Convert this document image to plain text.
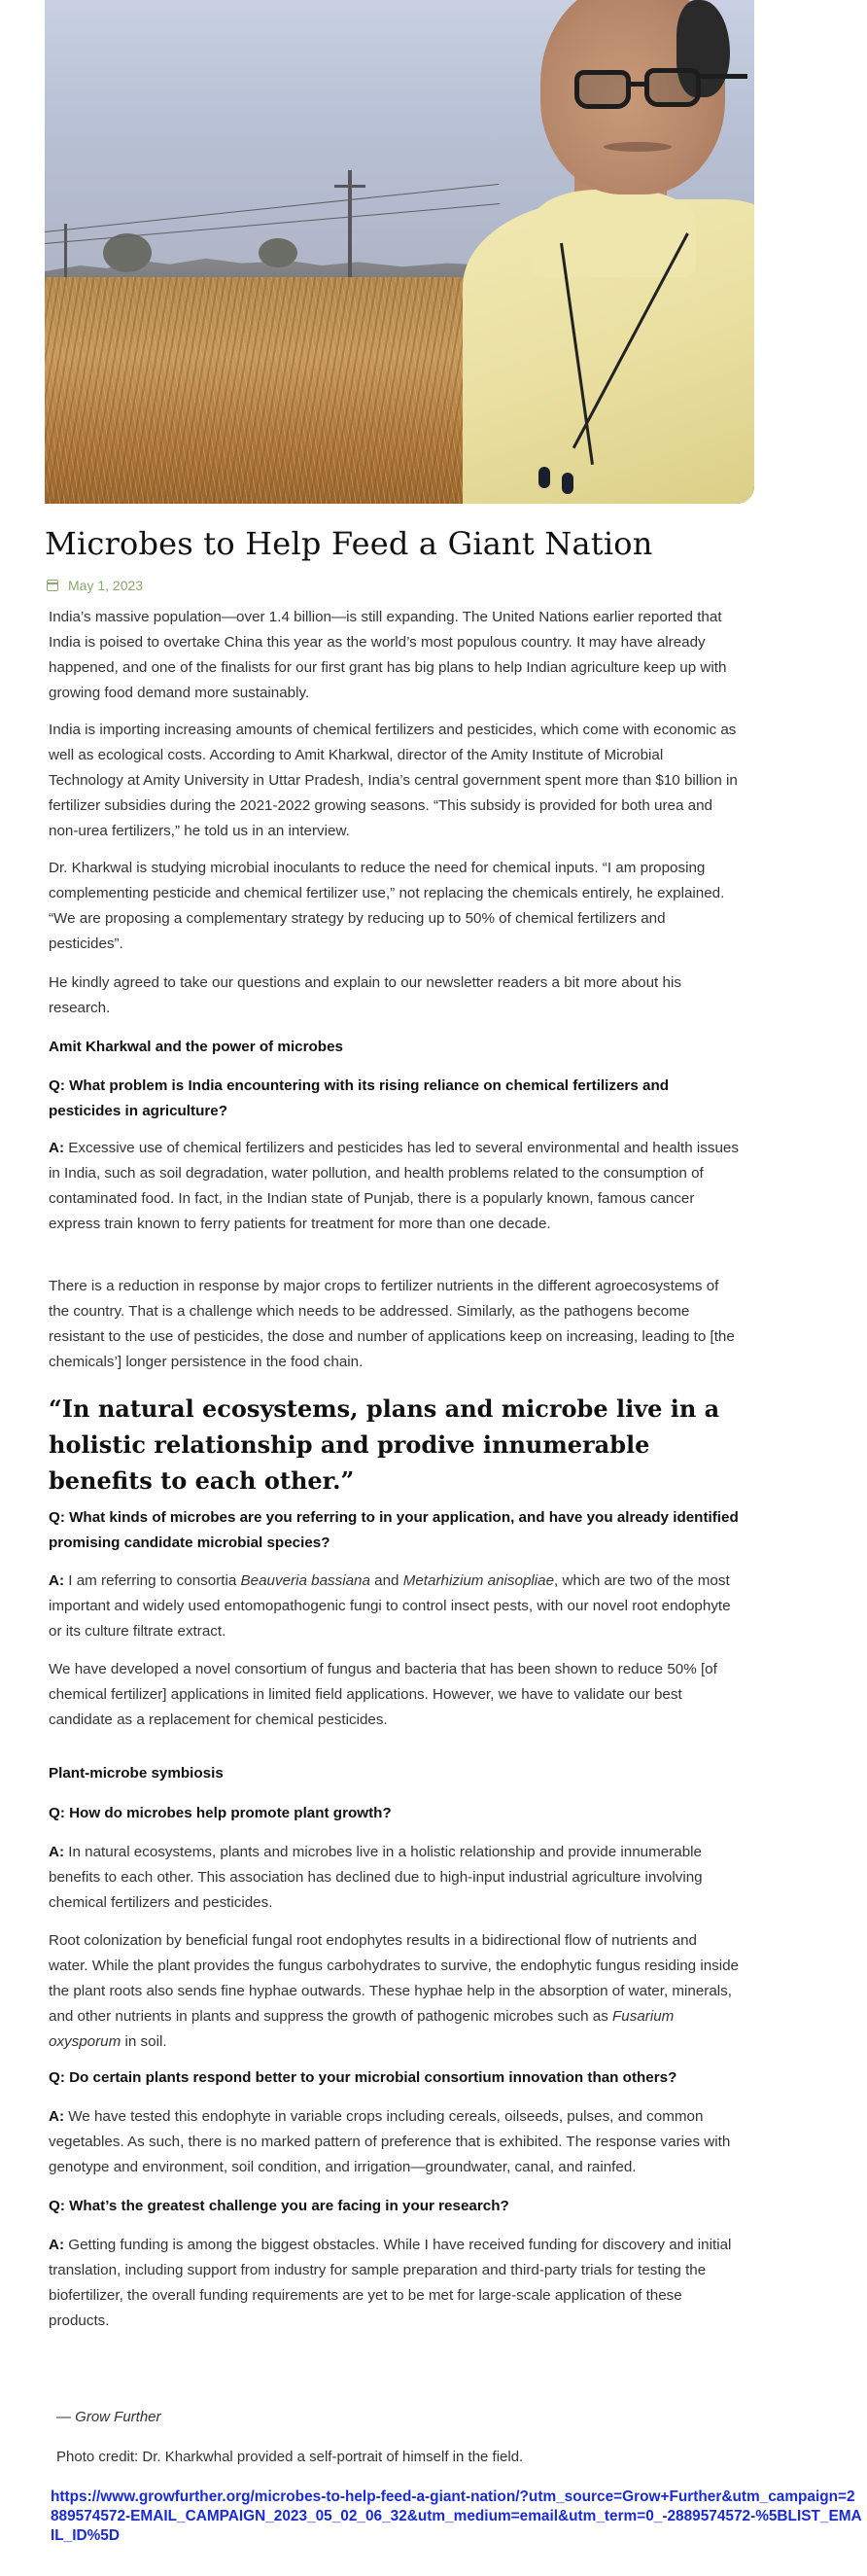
Microbes to Help Feed a Giant Nation
May 1, 2023

India’s massive population—over 1.4 billion—is still expanding. The United Nations earlier reported that India is poised to overtake China this year as the world’s most populous country. It may have already happened, and one of the finalists for our first grant has big plans to help Indian agriculture keep up with growing food demand more sustainably.

India is importing increasing amounts of chemical fertilizers and pesticides, which come with economic as well as ecological costs. According to Amit Kharkwal, director of the Amity Institute of Microbial Technology at Amity University in Uttar Pradesh, India’s central government spent more than $10 billion in fertilizer subsidies during the 2021-2022 growing seasons. “This subsidy is provided for both urea and non-urea fertilizers,” he told us in an interview.

Dr. Kharkwal is studying microbial inoculants to reduce the need for chemical inputs. “I am proposing complementing pesticide and chemical fertilizer use,” not replacing the chemicals entirely, he explained. “We are proposing a complementary strategy by reducing up to 50% of chemical fertilizers and pesticides”.

He kindly agreed to take our questions and explain to our newsletter readers a bit more about his research.

Amit Kharkwal and the power of microbes

Q: What problem is India encountering with its rising reliance on chemical fertilizers and pesticides in agriculture?

A: Excessive use of chemical fertilizers and pesticides has led to several environmental and health issues in India, such as soil degradation, water pollution, and health problems related to the consumption of contaminated food. In fact, in the Indian state of Punjab, there is a popularly known, famous cancer express train known to ferry patients for treatment for more than one decade.

There is a reduction in response by major crops to fertilizer nutrients in the different agroecosystems of the country. That is a challenge which needs to be addressed. Similarly, as the pathogens become resistant to the use of pesticides, the dose and number of applications keep on increasing, leading to [the chemicals’] longer persistence in the food chain.

“In natural ecosystems, plans and microbe live in a holistic relationship and prodive innumerable benefits to each other.”

Q: What kinds of microbes are you referring to in your application, and have you already identified promising candidate microbial species?

A: I am referring to consortia Beauveria bassiana and Metarhizium anisopliae, which are two of the most important and widely used entomopathogenic fungi to control insect pests, with our novel root endophyte or its culture filtrate extract.

We have developed a novel consortium of fungus and bacteria that has been shown to reduce 50% [of chemical fertilizer] applications in limited field applications. However, we have to validate our best candidate as a replacement for chemical pesticides.

Plant-microbe symbiosis

Q: How do microbes help promote plant growth?

A: In natural ecosystems, plants and microbes live in a holistic relationship and provide innumerable benefits to each other. This association has declined due to high-input industrial agriculture involving chemical fertilizers and pesticides.

Root colonization by beneficial fungal root endophytes results in a bidirectional flow of nutrients and water. While the plant provides the fungus carbohydrates to survive, the endophytic fungus residing inside the plant roots also sends fine hyphae outwards. These hyphae help in the absorption of water, minerals, and other nutrients in plants and suppress the growth of pathogenic microbes such as Fusarium oxysporum in soil.

Q: Do certain plants respond better to your microbial consortium innovation than others?

A: We have tested this endophyte in variable crops including cereals, oilseeds, pulses, and common vegetables. As such, there is no marked pattern of preference that is exhibited. The response varies with genotype and environment, soil condition, and irrigation—groundwater, canal, and rainfed.

Q: What’s the greatest challenge you are facing in your research?

A: Getting funding is among the biggest obstacles. While I have received funding for discovery and initial translation, including support from industry for sample preparation and third-party trials for testing the biofertilizer, the overall funding requirements are yet to be met for large-scale application of these products.

— Grow Further

Photo credit: Dr. Kharkwhal provided a self-portrait of himself in the field.

https://www.growfurther.org/microbes-to-help-feed-a-giant-nation/?utm_source=Grow+Further&utm_campaign=2889574572-EMAIL_CAMPAIGN_2023_05_02_06_32&utm_medium=email&utm_term=0_-2889574572-%5BLIST_EMAIL_ID%5D
